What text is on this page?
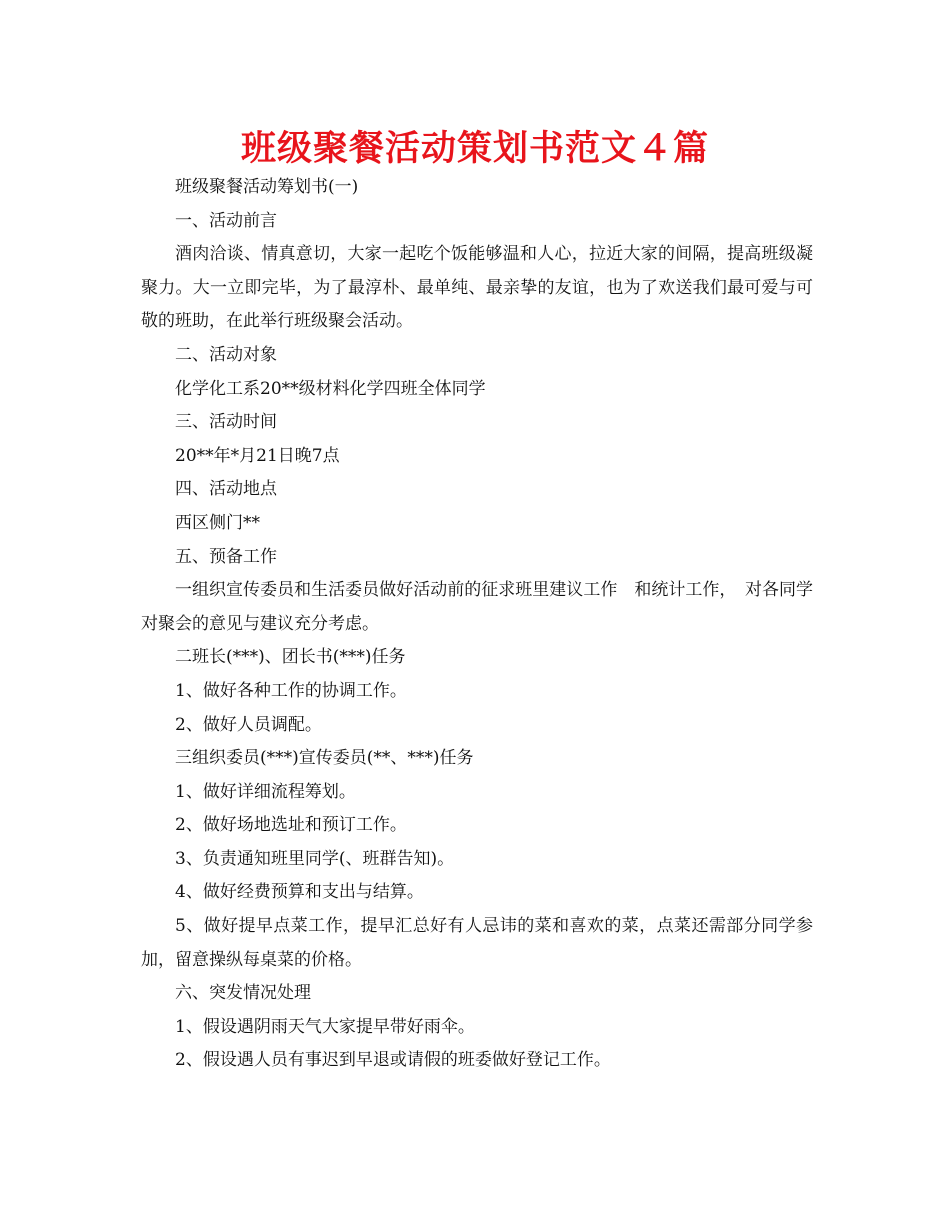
班级聚餐活动策划书范文４篇

班级聚餐活动筹划书(一)

一、活动前言

酒肉洽谈、情真意切，大家一起吃个饭能够温和人心，拉近大家的间隔，提高班级凝聚力。大一立即完毕，为了最淳朴、最单纯、最亲挚的友谊，也为了欢送我们最可爱与可敬的班助，在此举行班级聚会活动。

二、活动对象

化学化工系20**级材料化学四班全体同学

三、活动时间

20**年*月21日晚7点

四、活动地点

西区侧门**

五、预备工作

一组织宣传委员和生活委员做好活动前的征求班里建议工作　和统计工作，　对各同学对聚会的意见与建议充分考虑。

二班长(***)、团长书(***)任务

1、做好各种工作的协调工作。

2、做好人员调配。

三组织委员(***)宣传委员(**、***)任务

1、做好详细流程筹划。

2、做好场地选址和预订工作。

3、负责通知班里同学(、班群告知)。

4、做好经费预算和支出与结算。

5、做好提早点菜工作，提早汇总好有人忌讳的菜和喜欢的菜，点菜还需部分同学参加，留意操纵每桌菜的价格。

六、突发情况处理

1、假设遇阴雨天气大家提早带好雨伞。

2、假设遇人员有事迟到早退或请假的班委做好登记工作。
